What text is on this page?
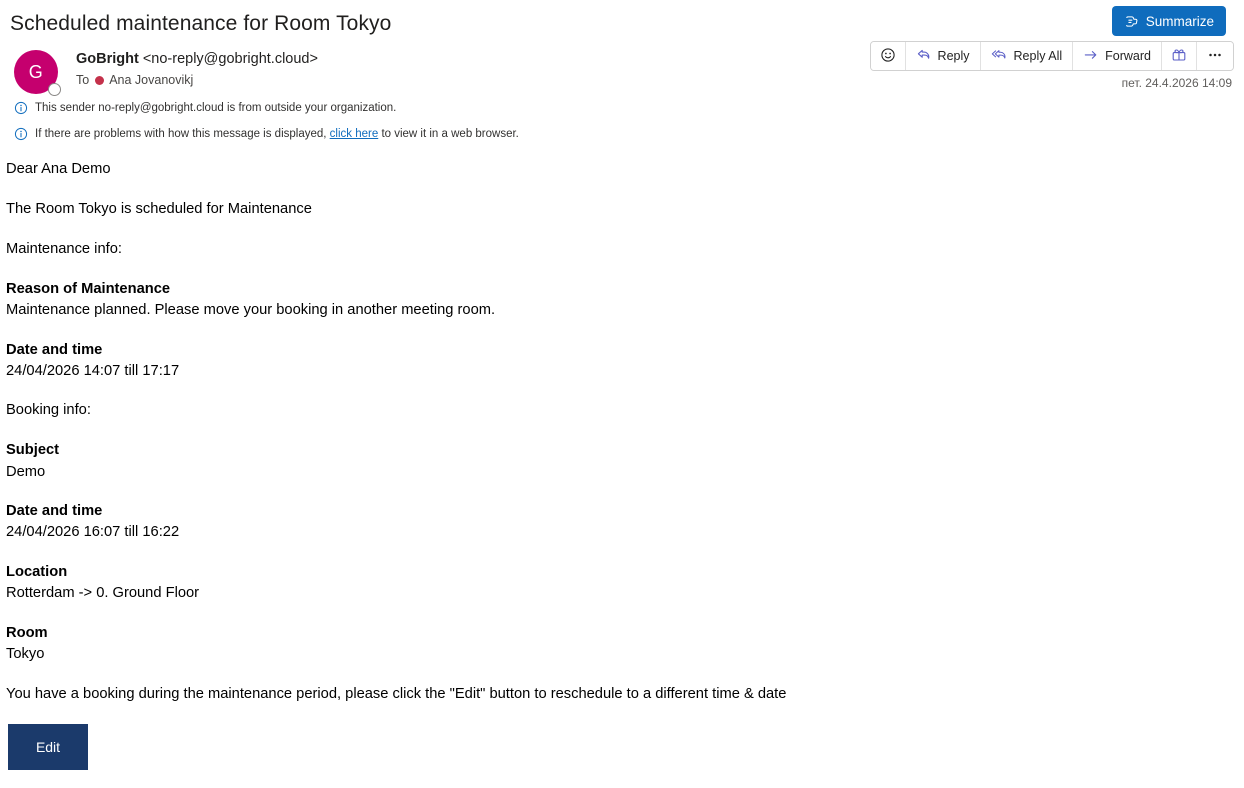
Scheduled maintenance for Room Tokyo	Summarize
G
GoBright <no-reply@gobright.cloud>
To Ana Jovanovikj
Reply	Reply All	Forward
пет. 24.4.2026 14:09
This sender no-reply@gobright.cloud is from outside your organization.
If there are problems with how this message is displayed, click here to view it in a web browser.

Dear Ana Demo

The Room Tokyo is scheduled for Maintenance

Maintenance info:

Reason of Maintenance
Maintenance planned. Please move your booking in another meeting room.
Date and time
24/04/2026 14:07 till 17:17

Booking info:

Subject
Demo
Date and time
24/04/2026 16:07 till 16:22
Location
Rotterdam -> 0. Ground Floor
Room
Tokyo

You have a booking during the maintenance period, please click the "Edit" button to reschedule to a different time & date

Edit
